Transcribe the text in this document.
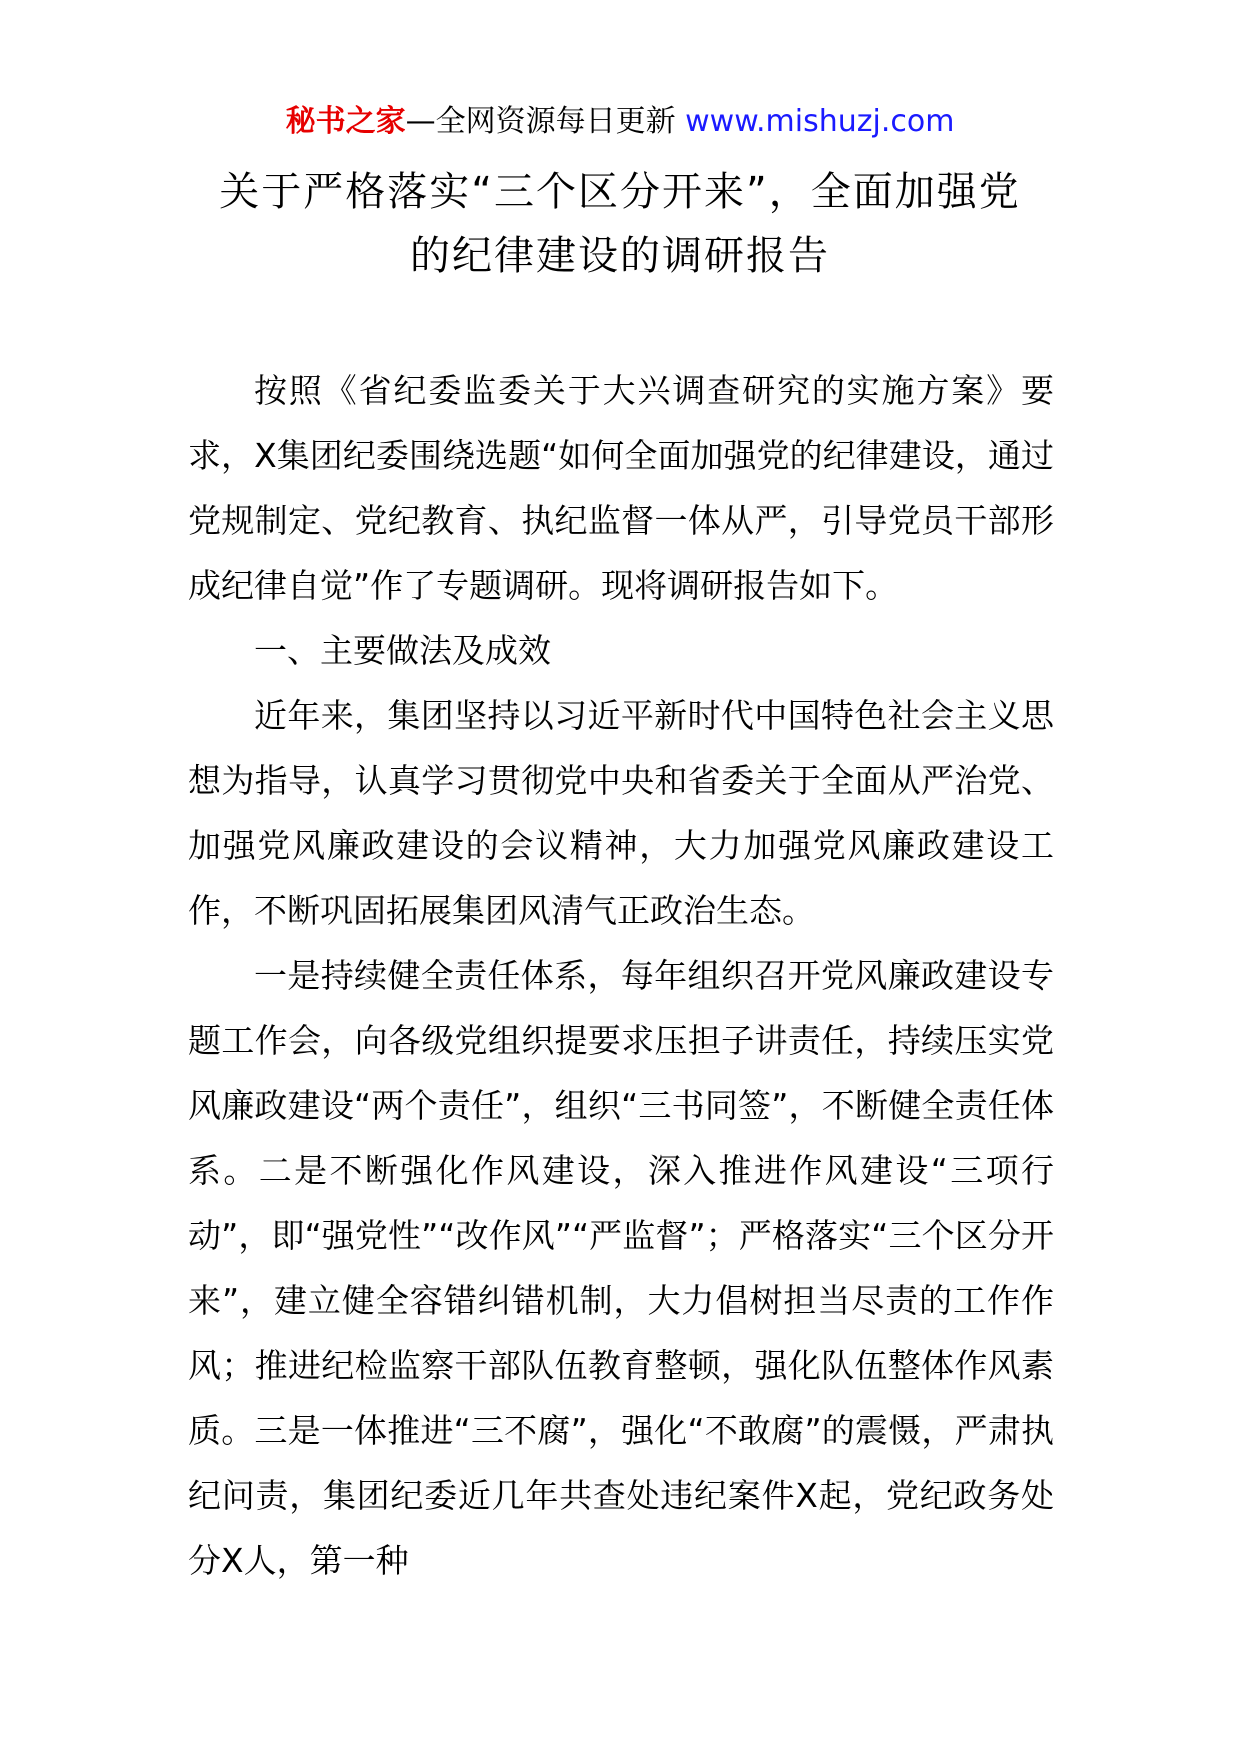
秘书之家—全网资源每日更新 www.mishuzj.com
关于严格落实“三个区分开来”，全面加强党
的纪律建设的调研报告

按照《省纪委监委关于大兴调查研究的实施方案》要求，X集团纪委围绕选题“如何全面加强党的纪律建设，通过党规制定、党纪教育、执纪监督一体从严，引导党员干部形成纪律自觉”作了专题调研。现将调研报告如下。

一、主要做法及成效

近年来，集团坚持以习近平新时代中国特色社会主义思想为指导，认真学习贯彻党中央和省委关于全面从严治党、加强党风廉政建设的会议精神，大力加强党风廉政建设工作，不断巩固拓展集团风清气正政治生态。

一是持续健全责任体系，每年组织召开党风廉政建设专题工作会，向各级党组织提要求压担子讲责任，持续压实党风廉政建设“两个责任”，组织“三书同签”，不断健全责任体系。二是不断强化作风建设，深入推进作风建设“三项行动”，即“强党性”“改作风”“严监督”；严格落实“三个区分开来”，建立健全容错纠错机制，大力倡树担当尽责的工作作风；推进纪检监察干部队伍教育整顿，强化队伍整体作风素质。三是一体推进“三不腐”，强化“不敢腐”的震慑，严肃执纪问责，集团纪委近几年共查处违纪案件X起，党纪政务处分X人，第一种
